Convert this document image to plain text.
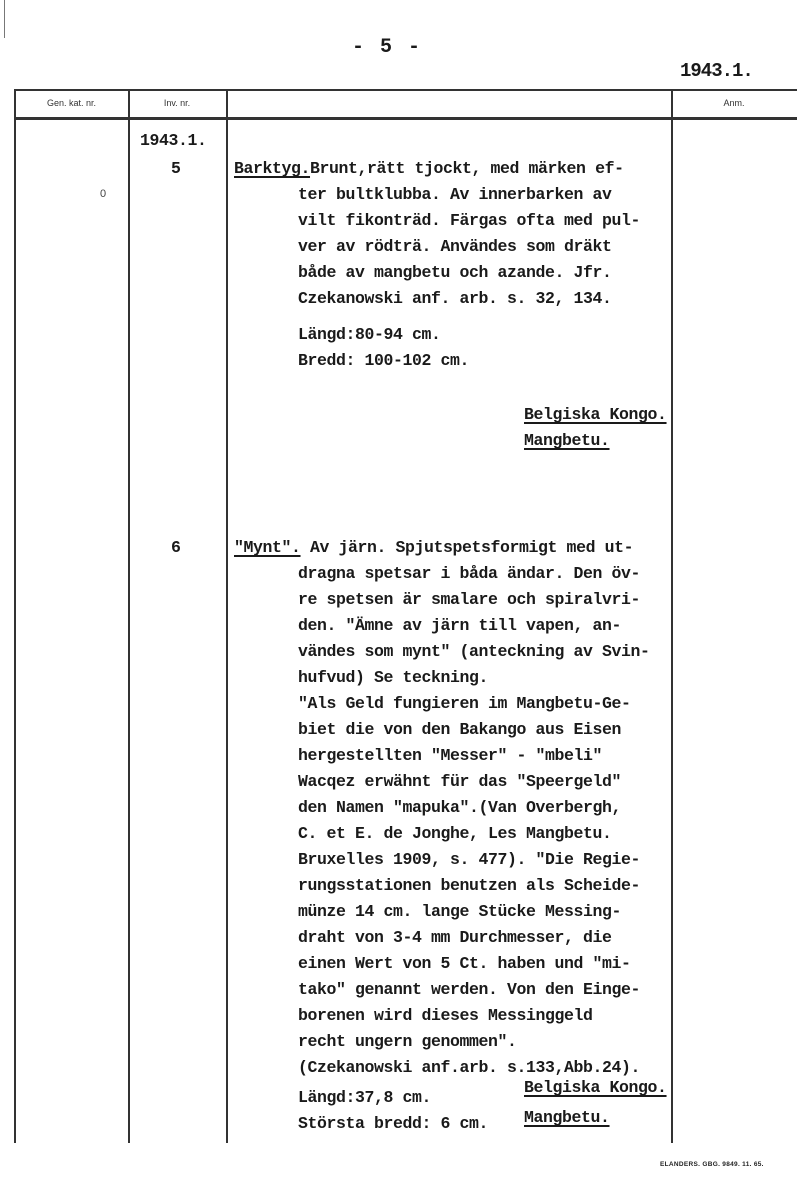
- 5 -
1943.1.
Gen. kat. nr.	Inv. nr.	Anm.
0
1943.1.
5	Barktyg.Brunt,rätt tjockt, med märken ef-
ter bultklubba. Av innerbarken av
vilt fikonträd. Färgas ofta med pul-
ver av rödträ. Användes som dräkt
både av mangbetu och azande. Jfr.
Czekanowski anf. arb. s. 32, 134.
Längd:80-94 cm.
Bredd: 100-102 cm.
Belgiska Kongo.
Mangbetu.
6	"Mynt". Av järn. Spjutspetsformigt med ut-
dragna spetsar i båda ändar. Den öv-
re spetsen är smalare och spiralvri-
den. "Ämne av järn till vapen, an-
vändes som mynt" (anteckning av Svin-
hufvud) Se teckning.
"Als Geld fungieren im Mangbetu-Ge-
biet die von den Bakango aus Eisen
hergestellten "Messer" - "mbeli"
Wacqez erwähnt für das "Speergeld"
den Namen "mapuka".(Van Overbergh,
C. et E. de Jonghe, Les Mangbetu.
Bruxelles 1909, s. 477). "Die Regie-
rungsstationen benutzen als Scheide-
münze 14 cm. lange Stücke Messing-
draht von 3-4 mm Durchmesser, die
einen Wert von 5 Ct. haben und "mi-
tako" genannt werden. Von den Einge-
borenen wird dieses Messinggeld
recht ungern genommen".
(Czekanowski anf.arb. s.133,Abb.24).
Längd:37,8 cm.
Största bredd: 6 cm.
Belgiska Kongo.
Mangbetu.
ELANDERS. GBG. 9849. 11. 65.
